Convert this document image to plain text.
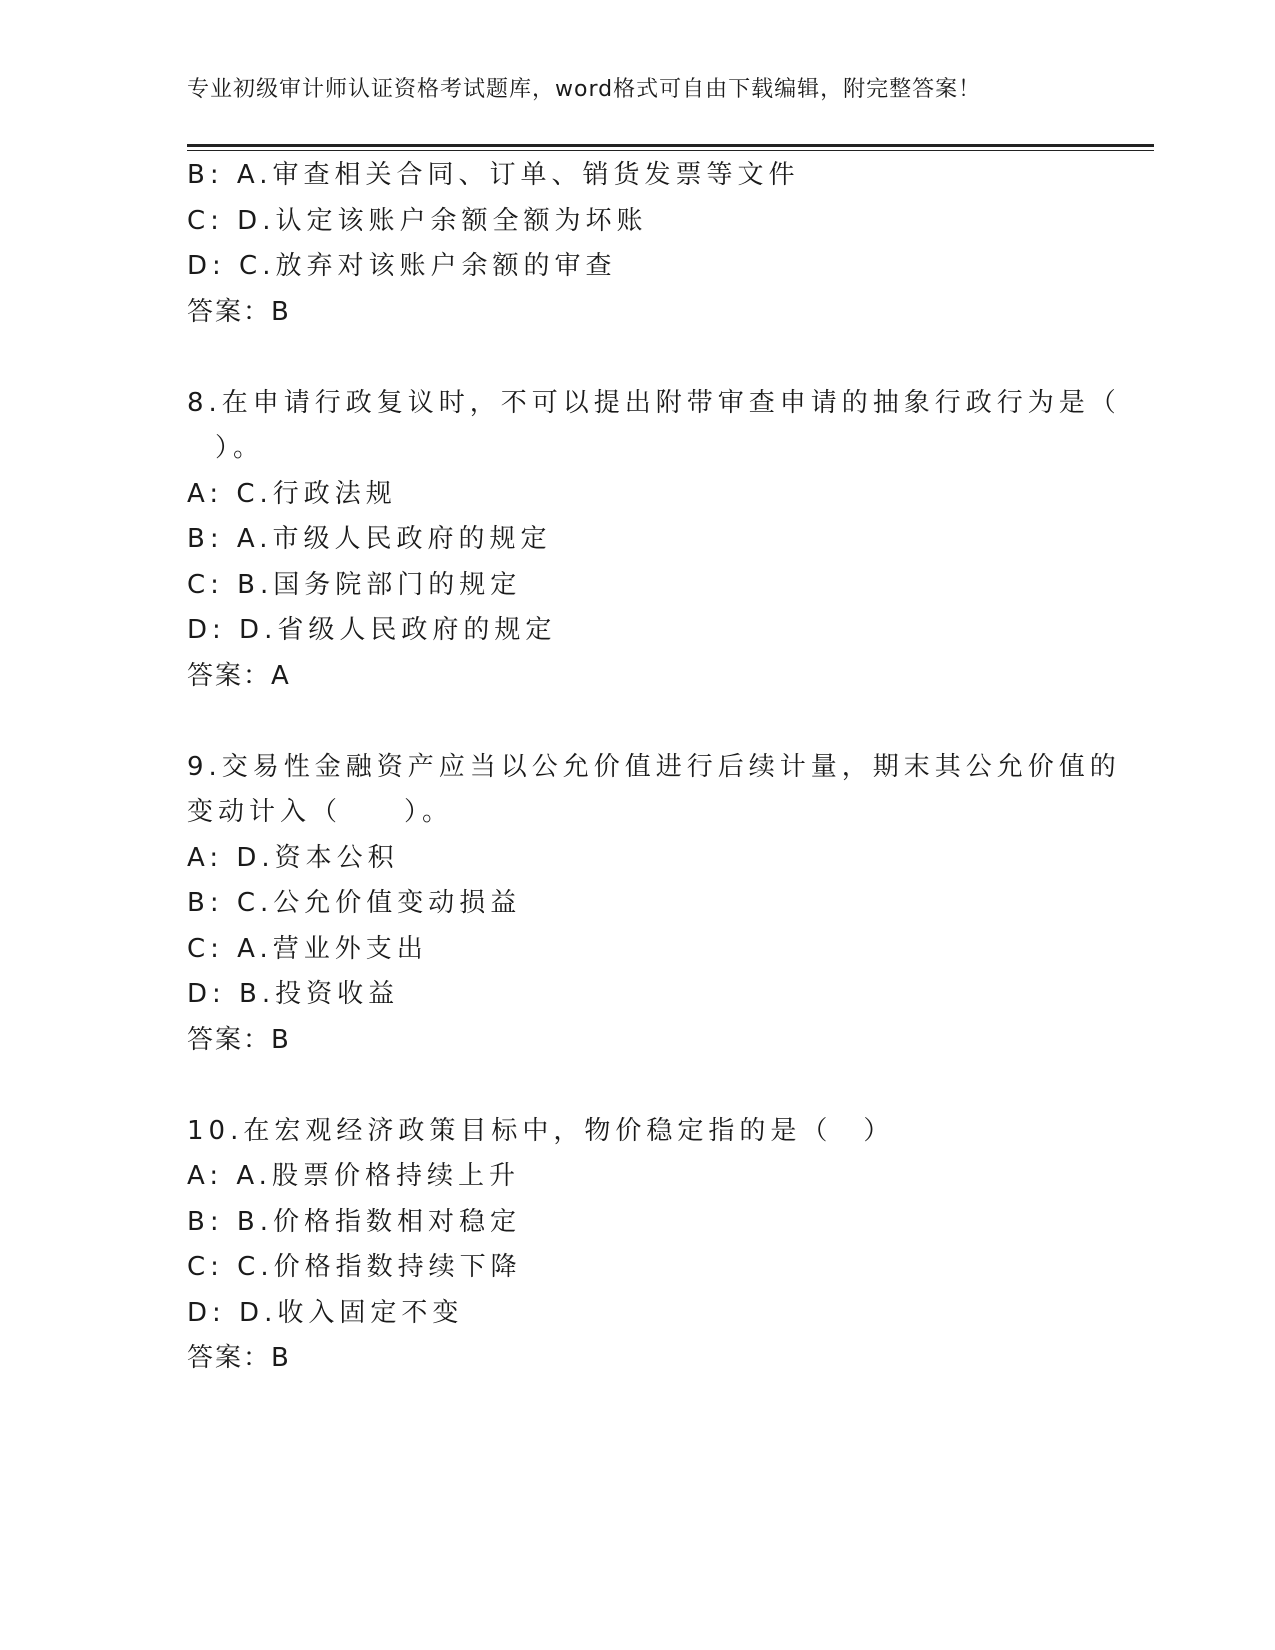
专业初级审计师认证资格考试题库，word格式可自由下载编辑，附完整答案！
B: A.审查相关合同、订单、销货发票等文件
C: D.认定该账户余额全额为坏账
D: C.放弃对该账户余额的审查
答案：B
8.在申请行政复议时，不可以提出附带审查申请的抽象行政行为是（
）。
A: C.行政法规
B: A.市级人民政府的规定
C: B.国务院部门的规定
D: D.省级人民政府的规定
答案：A
9.交易性金融资产应当以公允价值进行后续计量，期末其公允价值的
变动计入（　　）。
A: D.资本公积
B: C.公允价值变动损益
C: A.营业外支出
D: B.投资收益
答案：B
10.在宏观经济政策目标中，物价稳定指的是（　）
A: A.股票价格持续上升
B: B.价格指数相对稳定
C: C.价格指数持续下降
D: D.收入固定不变
答案：B
